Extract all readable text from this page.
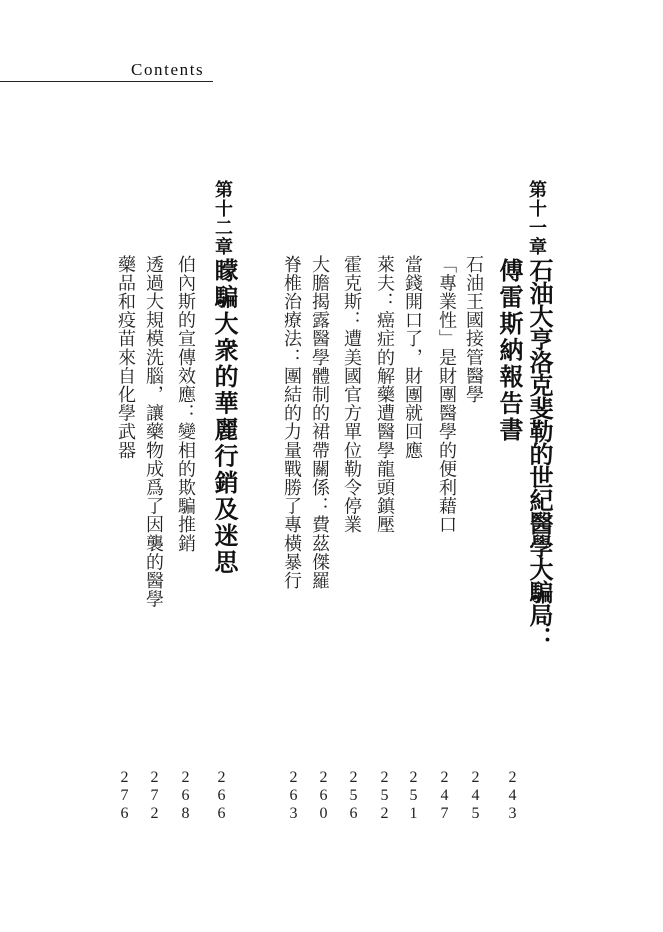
Contents
第十一章
石油大亨洛克斐勒的世紀醫學大騙局：
傅雷斯納報告書
石油王國接管醫學
「專業性」是財團醫學的便利藉口
當錢開口了，財團就回應
萊夫：癌症的解藥遭醫學龍頭鎮壓
霍克斯：遭美國官方單位勒令停業
大膽揭露醫學體制的裙帶關係：費茲傑羅
脊椎治療法：團結的力量戰勝了專橫暴行
第十二章
矇騙大衆的華麗行銷及迷思
伯內斯的宣傳效應：變相的欺騙推銷
透過大規模洗腦，讓藥物成爲了因襲的醫學
藥品和疫苗來自化學武器
243
245
247
251
252
256
260
263
266
268
272
276
